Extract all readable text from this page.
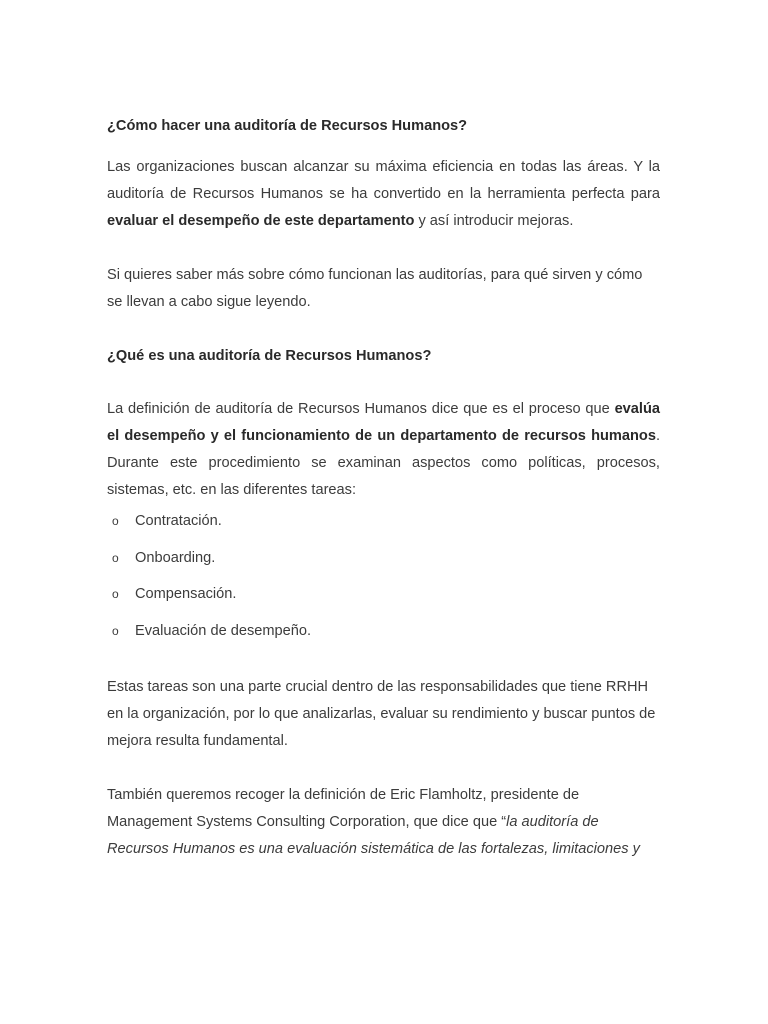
¿Cómo hacer una auditoría de Recursos Humanos?

Las organizaciones buscan alcanzar su máxima eficiencia en todas las áreas. Y la auditoría de Recursos Humanos se ha convertido en la herramienta perfecta para evaluar el desempeño de este departamento y así introducir mejoras.

Si quieres saber más sobre cómo funcionan las auditorías, para qué sirven y cómo se llevan a cabo sigue leyendo.

¿Qué es una auditoría de Recursos Humanos?

La definición de auditoría de Recursos Humanos dice que es el proceso que evalúa el desempeño y el funcionamiento de un departamento de recursos humanos. Durante este procedimiento se examinan aspectos como políticas, procesos, sistemas, etc. en las diferentes tareas:

o Contratación.
o Onboarding.
o Compensación.
o Evaluación de desempeño.

Estas tareas son una parte crucial dentro de las responsabilidades que tiene RRHH en la organización, por lo que analizarlas, evaluar su rendimiento y buscar puntos de mejora resulta fundamental.

También queremos recoger la definición de Eric Flamholtz, presidente de Management Systems Consulting Corporation, que dice que “la auditoría de Recursos Humanos es una evaluación sistemática de las fortalezas, limitaciones y
